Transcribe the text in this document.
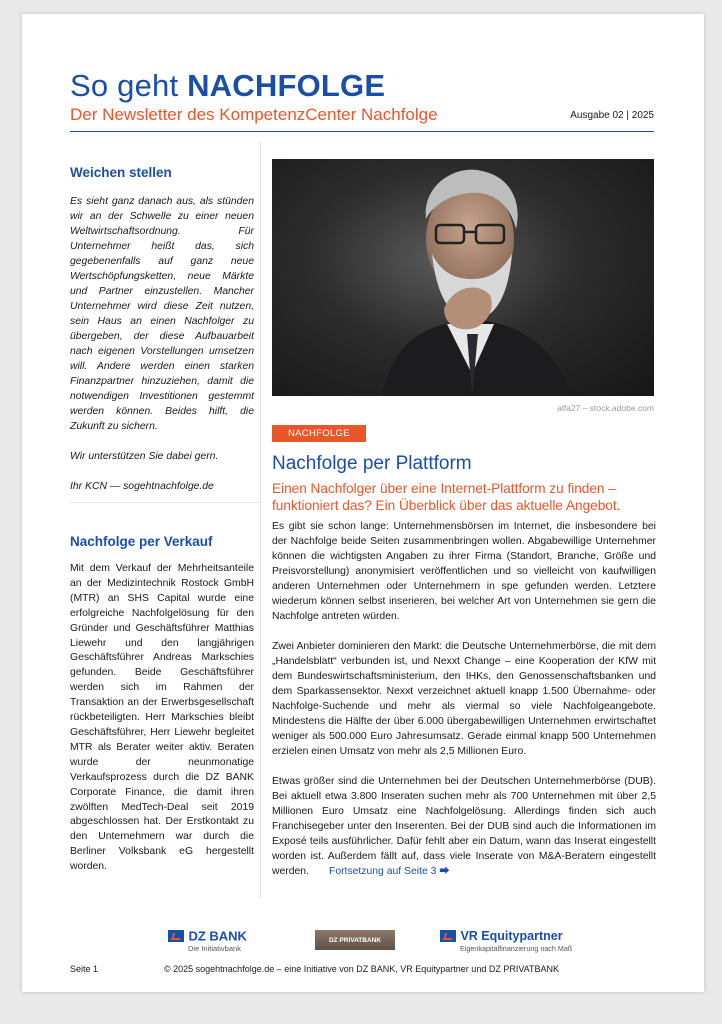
So geht NACHFOLGE
Der Newsletter des KompetenzCenter Nachfolge	Ausgabe 02 | 2025
Weichen stellen

Es sieht ganz danach aus, als stünden wir an der Schwelle zu einer neuen Weltwirtschaftsordnung. Für Unternehmer heißt das, sich gegebenenfalls auf ganz neue Wertschöpfungsketten, neue Märkte und Partner einzustellen. Mancher Unternehmer wird diese Zeit nutzen, sein Haus an einen Nachfolger zu übergeben, der diese Aufbauarbeit nach eigenen Vorstellungen umsetzen will. Andere werden einen starken Finanzpartner hinzuziehen, damit die notwendigen Investitionen gestemmt werden können. Beides hilft, die Zukunft zu sichern.

Wir unterstützen Sie dabei gern.

Ihr KCN — sogehtnachfolge.de

Nachfolge per Verkauf

Mit dem Verkauf der Mehrheitsanteile an der Medizintechnik Rostock GmbH (MTR) an SHS Capital wurde eine erfolgreiche Nachfolgelösung für den Gründer und Geschäftsführer Matthias Liewehr und den langjährigen Geschäftsführer Andreas Markschies gefunden. Beide Geschäftsführer werden sich im Rahmen der Transaktion an der Erwerbsgesellschaft rückbeteiligten. Herr Markschies bleibt Geschäftsführer, Herr Liewehr begleitet MTR als Berater weiter aktiv. Beraten wurde der neunmonatige Verkaufsprozess durch die DZ BANK Corporate Finance, die damit ihren zwölften MedTech-Deal seit 2019 abgeschlossen hat. Der Erstkontakt zu den Unternehmern war durch die Berliner Volksbank eG hergestellt worden.

alfa27 – stock.adobe.com
NACHFOLGE
Nachfolge per Plattform

Einen Nachfolger über eine Internet-Plattform zu finden – funktioniert das? Ein Überblick über das aktuelle Angebot.

Es gibt sie schon lange: Unternehmensbörsen im Internet, die insbesondere bei der Nachfolge beide Seiten zusammenbringen wollen. Abgabewillige Unternehmer können die wichtigsten Angaben zu ihrer Firma (Standort, Branche, Größe und Preisvorstellung) anonymisiert veröffentlichen und so vielleicht von kaufwilligen anderen Unternehmen oder Unternehmern in spe gefunden werden. Letztere wiederum können selbst inserieren, bei welcher Art von Unternehmen sie gern die Nachfolge antreten würden.

Zwei Anbieter dominieren den Markt: die Deutsche Unternehmerbörse, die mit dem „Handelsblatt“ verbunden ist, und Nexxt Change – eine Kooperation der KfW mit dem Bundeswirtschaftsministerium, den IHKs, den Genossenschaftsbanken und dem Sparkassensektor. Nexxt verzeichnet aktuell knapp 1.500 Übernahme- oder Nachfolge-Suchende und mehr als viermal so viele Nachfolgeangebote. Mindestens die Hälfte der über 6.000 übergabewilligen Unternehmen erwirtschaftet weniger als 500.000 Euro Jahresumsatz. Gerade einmal knapp 500 Unternehmen erzielen einen Umsatz von mehr als 2,5 Millionen Euro.

Etwas größer sind die Unternehmen bei der Deutschen Unternehmerbörse (DUB). Bei aktuell etwa 3.800 Inseraten suchen mehr als 700 Unternehmen mit über 2,5 Millionen Euro Umsatz eine Nachfolgelösung. Allerdings finden sich auch Franchisegeber unter den Inserenten. Bei der DUB sind auch die Informationen im Exposé teils ausführlicher. Dafür fehlt aber ein Datum, wann das Inserat eingestellt worden ist. Außerdem fällt auf, dass viele Inserate von M&A-Beratern eingestellt werden. Fortsetzung auf Seite 3 ⮕

DZ BANK
Die Initiativbank
DZ PRIVATBANK	VR Equitypartner
Eigenkapitalfinanzierung nach Maß
Seite 1	© 2025 sogehtnachfolge.de – eine Initiative von DZ BANK, VR Equitypartner und DZ PRIVATBANK
